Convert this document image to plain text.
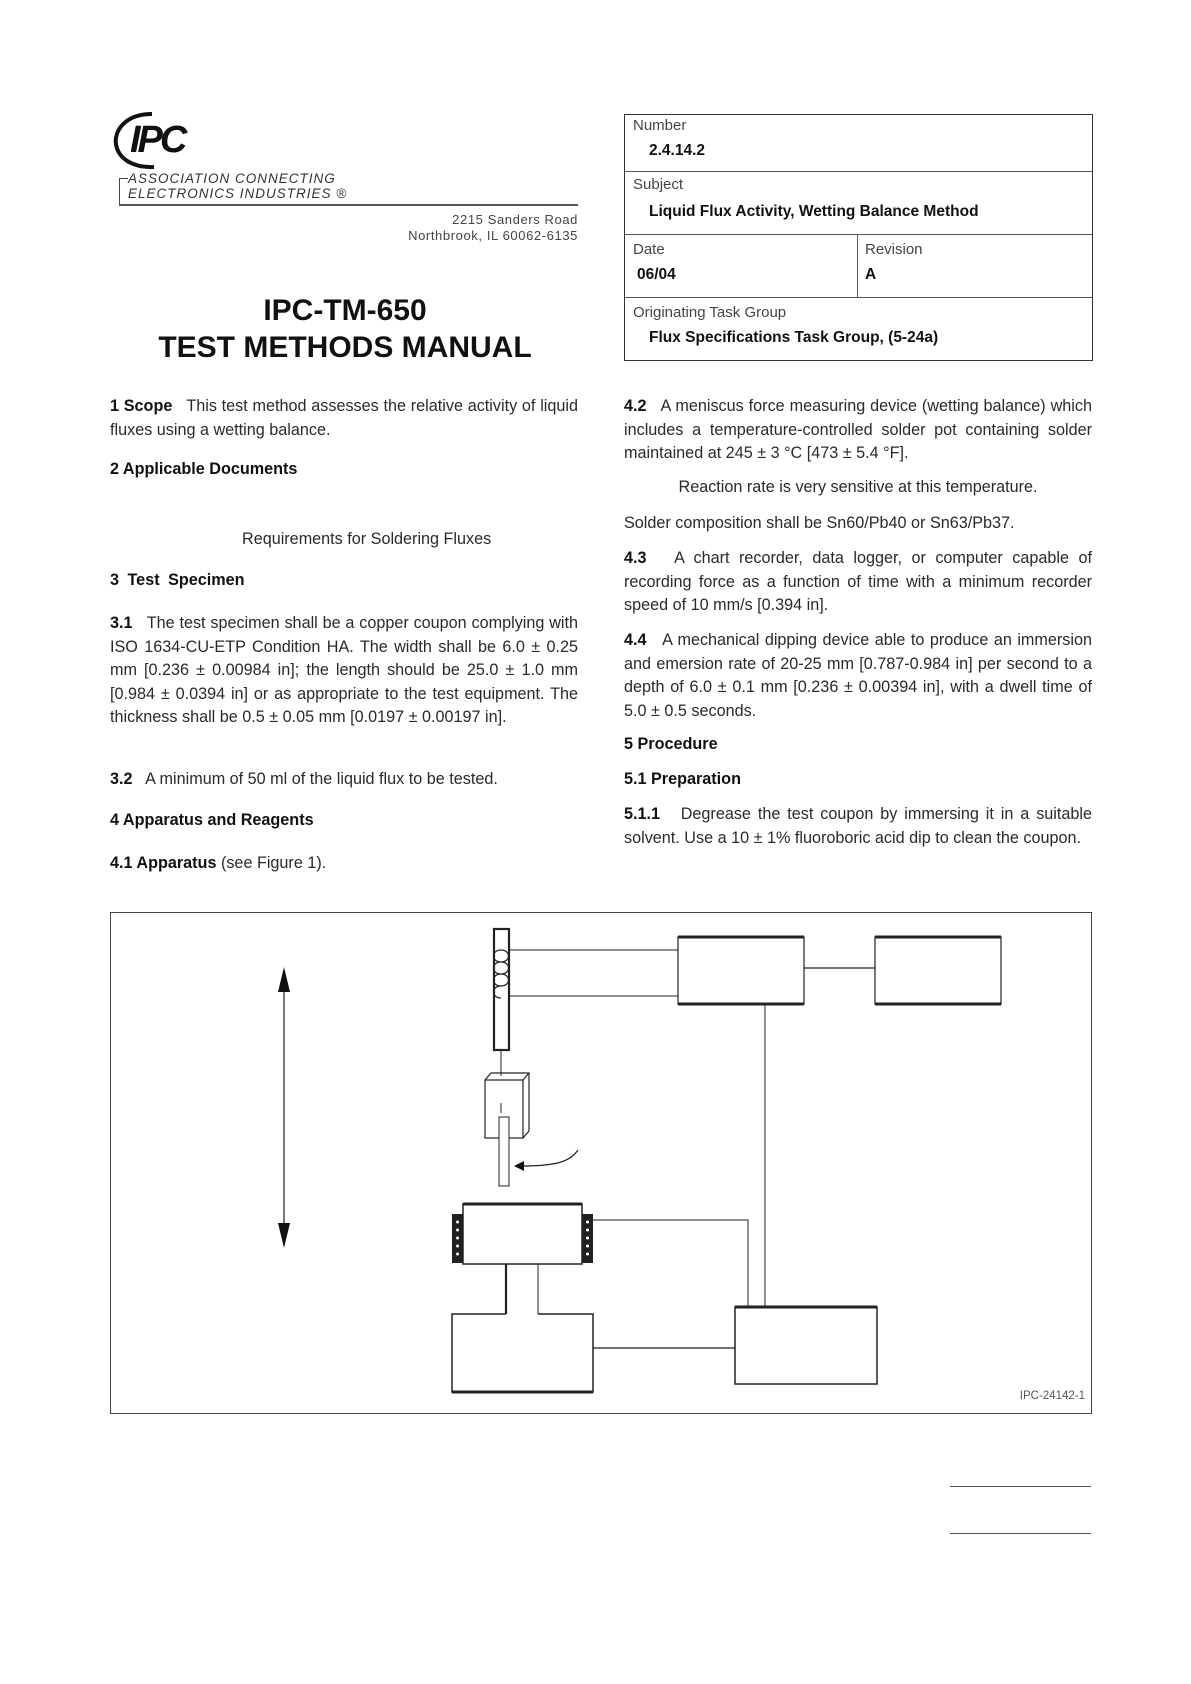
IPC
ASSOCIATION CONNECTING
ELECTRONICS INDUSTRIES ®
2215 Sanders Road
Northbrook, IL 60062-6135
IPC-TM-650
TEST METHODS MANUAL
Number
2.4.14.2
Subject
Liquid Flux Activity, Wetting Balance Method
Date
06/04
Revision
A
Originating Task Group
Flux Specifications Task Group, (5-24a)
1 Scope This test method assesses the relative activity of liquid fluxes using a wetting balance.
2 Applicable Documents
Requirements for Soldering Fluxes
3 Test Specimen
3.1 The test specimen shall be a copper coupon complying with ISO 1634-CU-ETP Condition HA. The width shall be 6.0 ± 0.25 mm [0.236 ± 0.00984 in]; the length should be 25.0 ± 1.0 mm [0.984 ± 0.0394 in] or as appropriate to the test equipment. The thickness shall be 0.5 ± 0.05 mm [0.0197 ± 0.00197 in].
3.2 A minimum of 50 ml of the liquid flux to be tested.
4 Apparatus and Reagents
4.1 Apparatus (see Figure 1).
4.2 A meniscus force measuring device (wetting balance) which includes a temperature-controlled solder pot containing solder maintained at 245 ± 3 °C [473 ± 5.4 °F].
Reaction rate is very sensitive at this temperature.
Solder composition shall be Sn60/Pb40 or Sn63/Pb37.
4.3 A chart recorder, data logger, or computer capable of recording force as a function of time with a minimum recorder speed of 10 mm/s [0.394 in].
4.4 A mechanical dipping device able to produce an immersion and emersion rate of 20-25 mm [0.787-0.984 in] per second to a depth of 6.0 ± 0.1 mm [0.236 ± 0.00394 in], with a dwell time of 5.0 ± 0.5 seconds.
5 Procedure
5.1 Preparation
5.1.1 Degrease the test coupon by immersing it in a suitable solvent. Use a 10 ± 1% fluoroboric acid dip to clean the coupon.
IPC-24142-1
